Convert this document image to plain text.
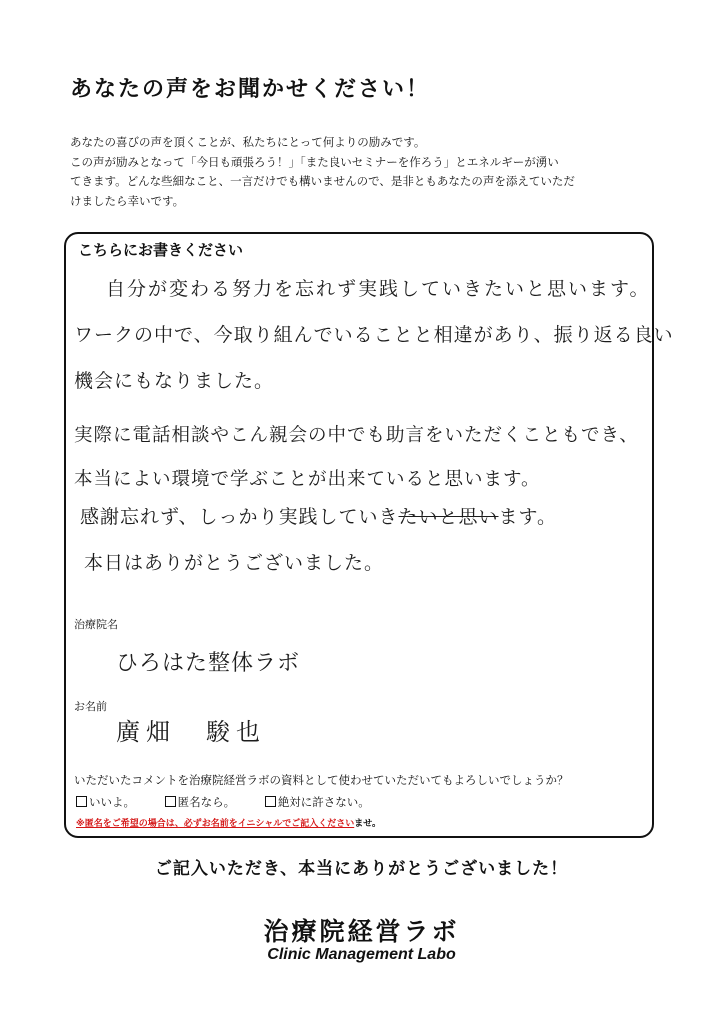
あなたの声をお聞かせください！
あなたの喜びの声を頂くことが、私たちにとって何よりの励みです。
この声が励みとなって「今日も頑張ろう！」「また良いセミナーを作ろう」とエネルギーが湧い
てきます。どんな些細なこと、一言だけでも構いませんので、是非ともあなたの声を添えていただ
けましたら幸いです。
こちらにお書きください
自分が変わる努力を忘れず実践していきたいと思います。
ワークの中で、今取り組んでいることと相違があり、振り返る良い
機会にもなりました。
実際に電話相談やこん親会の中でも助言をいただくこともでき、本当によい環境で学ぶことが出来ていると思います。
感謝忘れず、しっかり実践していきたいと思います。
本日はありがとうございました。
治療院名
ひろはた整体ラボ
お名前
廣畑　駿也
いただいたコメントを治療院経営ラボの資料として使わせていただいてもよろしいでしょうか？
いいよ。	匿名なら。	絶対に許さない。
※匿名をご希望の場合は、必ずお名前をイニシャルでご記入くださいませ。
ご記入いただき、本当にありがとうございました！
治療院経営ラボ
Clinic Management Labo
